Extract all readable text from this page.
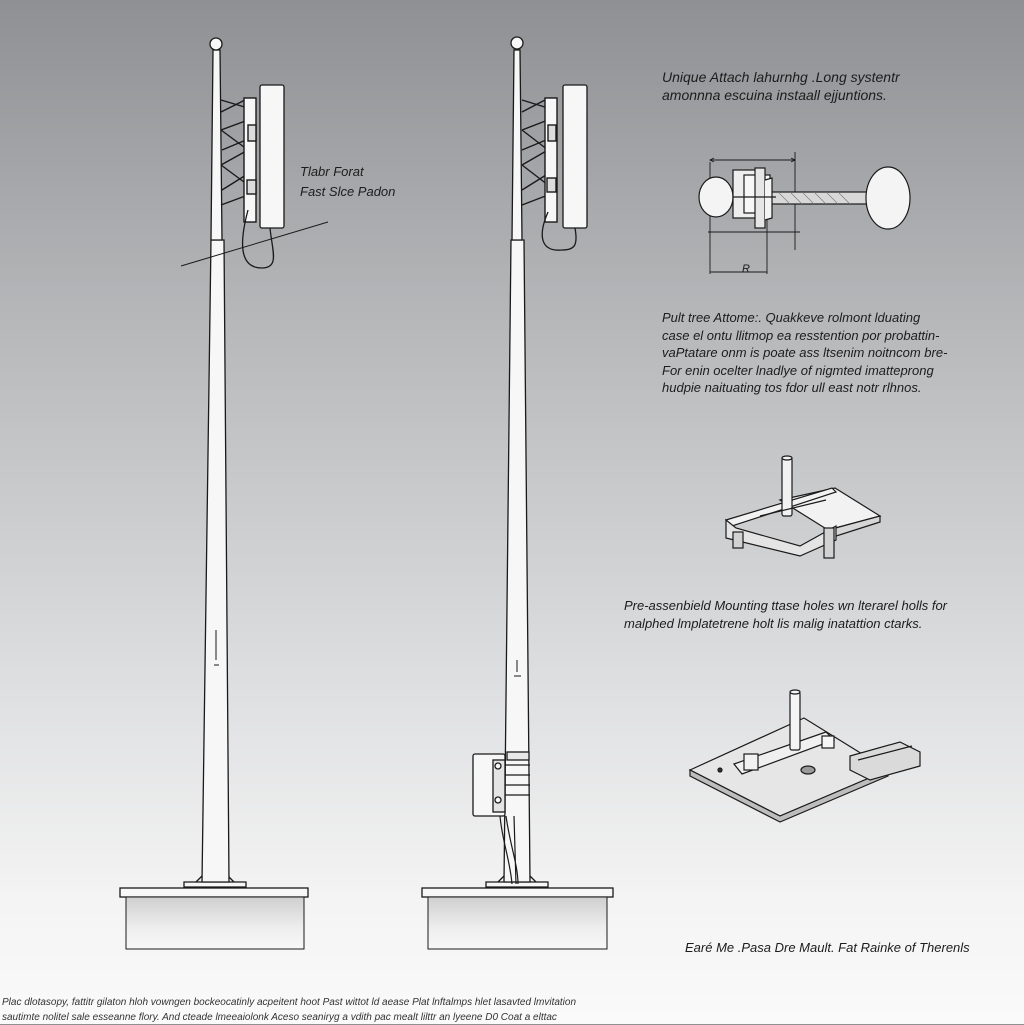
Tlabr Forat
Fast Slce Padon
Unique Attach lahurnhg .Long systentr
amonnna escuina instaall ejjuntions.
R
Pult tree Attome:. Quakkeve rolmont lduating
case el ontu llitmop ea resstention por probattin-
vaPtatare onm is poate ass ltsenim noitncom bre-
For enin ocelter lnadlye of nigmted imatteprong
hudpie naituating tos fdor ull east notr rlhnos.
Pre-assenbield Mounting ttase holes wn lterarel holls for
malphed lmplatetrene holt lis malig inatattion ctarks.
Earé Me .Pasa Dre Mault. Fat Rainke of Therenls
Plac dlotasopy, fattitr gilaton hloh vowngen bockeocatinly acpeitent hoot Past wittot ld aease Plat lnftalmps hlet lasavted lmvitation
sautimte nolitel sale esseanne flory. And cteade lmeeaiolonk Aceso seaniryg a vdith pac mealt lilttr an lyeene D0 Coat a elttac
